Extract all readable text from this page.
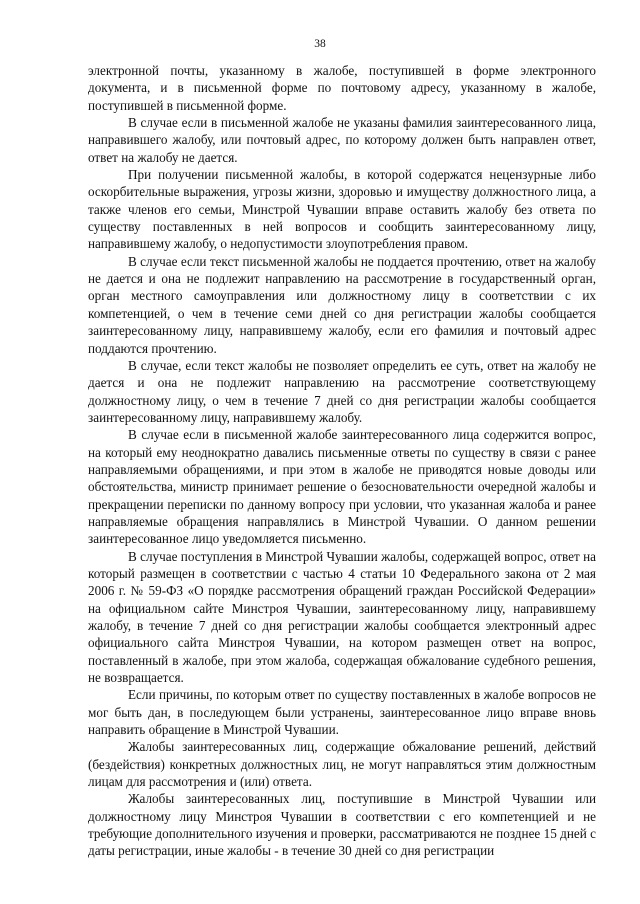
38

электронной почты, указанному в жалобе, поступившей в форме электронного документа, и в письменной форме по почтовому адресу, указанному в жалобе, поступившей в письменной форме.

В случае если в письменной жалобе не указаны фамилия заинтересованного лица, направившего жалобу, или почтовый адрес, по которому должен быть направлен ответ, ответ на жалобу не дается.

При получении письменной жалобы, в которой содержатся нецензурные либо оскорбительные выражения, угрозы жизни, здоровью и имуществу должностного лица, а также членов его семьи, Минстрой Чувашии вправе оставить жалобу без ответа по существу поставленных в ней вопросов и сообщить заинтересованному лицу, направившему жалобу, о недопустимости злоупотребления правом.

В случае если текст письменной жалобы не поддается прочтению, ответ на жалобу не дается и она не подлежит направлению на рассмотрение в государственный орган, орган местного самоуправления или должностному лицу в соответствии с их компетенцией, о чем в течение семи дней со дня регистрации жалобы сообщается заинтересованному лицу, направившему жалобу, если его фамилия и почтовый адрес поддаются прочтению.

В случае, если текст жалобы не позволяет определить ее суть, ответ на жалобу не дается и она не подлежит направлению на рассмотрение соответствующему должностному лицу, о чем в течение 7 дней со дня регистрации жалобы сообщается заинтересованному лицу, направившему жалобу.

В случае если в письменной жалобе заинтересованного лица содержится вопрос, на который ему неоднократно давались письменные ответы по существу в связи с ранее направляемыми обращениями, и при этом в жалобе не приводятся новые доводы или обстоятельства, министр принимает решение о безосновательности очередной жалобы и прекращении переписки по данному вопросу при условии, что указанная жалоба и ранее направляемые обращения направлялись в Минстрой Чувашии. О данном решении заинтересованное лицо уведомляется письменно.

В случае поступления в Минстрой Чувашии жалобы, содержащей вопрос, ответ на который размещен в соответствии с частью 4 статьи 10 Федерального закона от 2 мая 2006 г. № 59-ФЗ «О порядке рассмотрения обращений граждан Российской Федерации» на официальном сайте Минстроя Чувашии, заинтересованному лицу, направившему жалобу, в течение 7 дней со дня регистрации жалобы сообщается электронный адрес официального сайта Минстроя Чувашии, на котором размещен ответ на вопрос, поставленный в жалобе, при этом жалоба, содержащая обжалование судебного решения, не возвращается.

Если причины, по которым ответ по существу поставленных в жалобе вопросов не мог быть дан, в последующем были устранены, заинтересованное лицо вправе вновь направить обращение в Минстрой Чувашии.

Жалобы заинтересованных лиц, содержащие обжалование решений, действий (бездействия) конкретных должностных лиц, не могут направляться этим должностным лицам для рассмотрения и (или) ответа.

Жалобы заинтересованных лиц, поступившие в Минстрой Чувашии или должностному лицу Минстроя Чувашии в соответствии с его компетенцией и не требующие дополнительного изучения и проверки, рассматриваются не позднее 15 дней с даты регистрации, иные жалобы - в течение 30 дней со дня регистрации
